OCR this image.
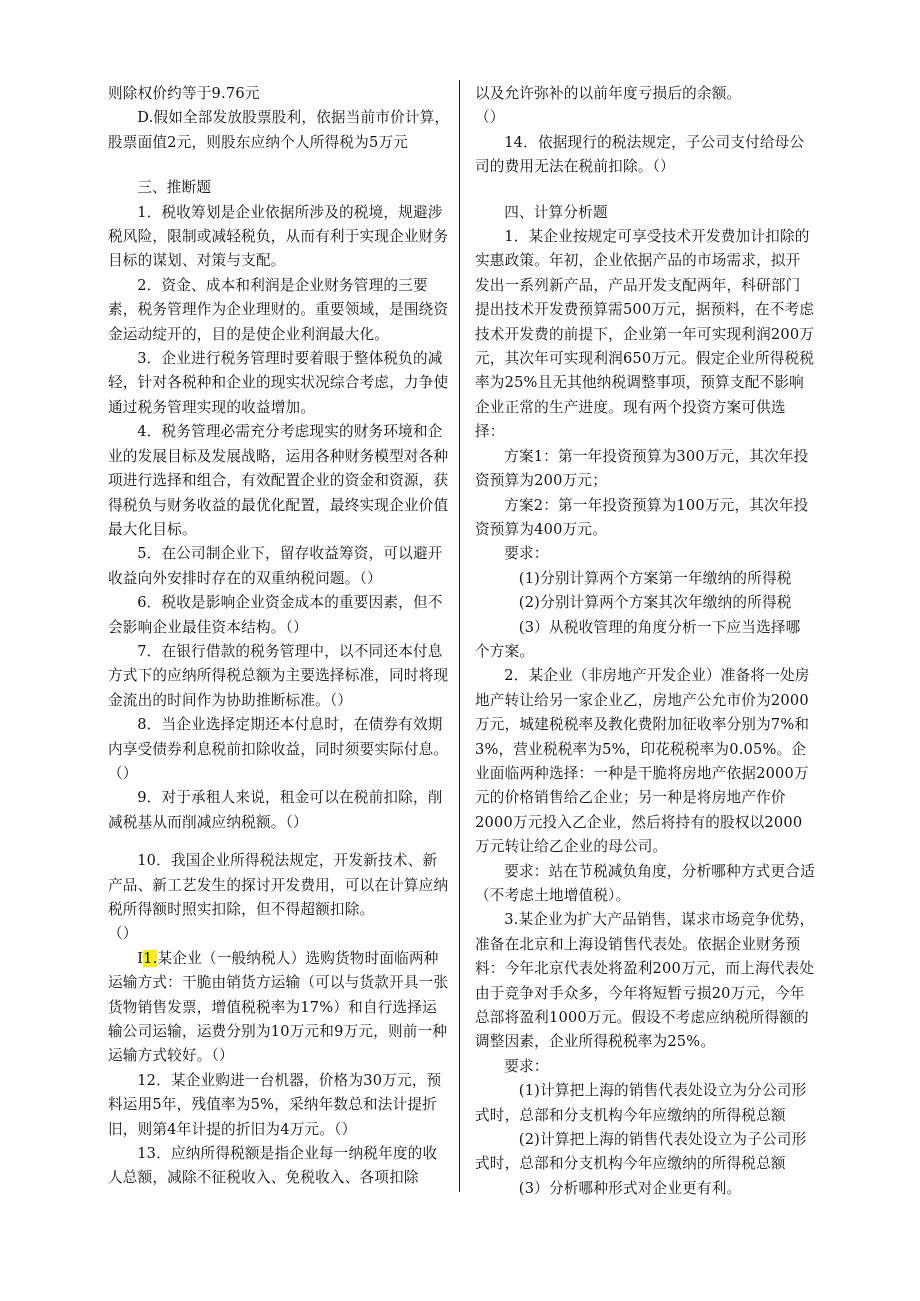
则除权价约等于9.76元

D.假如全部发放股票股利，依据当前市价计算，股票面值2元，则股东应纳个人所得税为5万元

三、推断题

1．税收筹划是企业依据所涉及的税境，规避涉税风险，限制或减轻税负，从而有利于实现企业财务目标的谋划、对策与支配。

2．资金、成本和利润是企业财务管理的三要素，税务管理作为企业理财的。重要领域，是围绕资金运动绽开的，目的是使企业利润最大化。

3．企业进行税务管理时要着眼于整体税负的减轻，针对各税种和企业的现实状况综合考虑，力争使通过税务管理实现的收益增加。

4．税务管理必需充分考虑现实的财务环境和企业的发展目标及发展战略，运用各种财务模型对各种项进行选择和组合，有效配置企业的资金和资源，获得税负与财务收益的最优化配置，最终实现企业价值最大化目标。

5．在公司制企业下，留存收益筹资，可以避开收益向外安排时存在的双重纳税问题。（）

6．税收是影响企业资金成本的重要因素，但不会影响企业最佳资本结构。（）

7．在银行借款的税务管理中，以不同还本付息方式下的应纳所得税总额为主要选择标准，同时将现金流出的时间作为协助推断标准。（）

8．当企业选择定期还本付息时，在债券有效期内享受债券利息税前扣除收益，同时须要实际付息。（）

9．对于承租人来说，租金可以在税前扣除，削减税基从而削减应纳税额。（）

10．我国企业所得税法规定，开发新技术、新产品、新工艺发生的探讨开发费用，可以在计算应纳税所得额时照实扣除，但不得超额扣除。

（）

I1.某企业（一般纳税人）选购货物时面临两种运输方式：干脆由销货方运输（可以与货款开具一张货物销售发票，增值税税率为17%）和自行选择运输公司运输，运费分别为10万元和9万元，则前一种运输方式较好。（）

12．某企业购进一台机器，价格为30万元，预料运用5年，残值率为5%，采纳年数总和法计提折旧，则第4年计提的折旧为4万元。（）

13．应纳所得税额是指企业每一纳税年度的收人总额，减除不征税收入、免税收入、各项扣除

以及允许弥补的以前年度亏损后的余额。

（）

14．依据现行的税法规定，子公司支付给母公司的费用无法在税前扣除。（）

四、计算分析题

1．某企业按规定可享受技术开发费加计扣除的实惠政策。年初，企业依据产品的市场需求，拟开发出一系列新产品，产品开发支配两年，科研部门提出技术开发费预算需500万元，据预料，在不考虑技术开发费的前提下，企业第一年可实现利润200万元，其次年可实现利润650万元。假定企业所得税税率为25%且无其他纳税调整事项，预算支配不影响企业正常的生产进度。现有两个投资方案可供选择：

方案1：第一年投资预算为300万元，其次年投资预算为200万元；

方案2：第一年投资预算为100万元，其次年投资预算为400万元。

要求：

(1)分别计算两个方案第一年缴纳的所得税

(2)分别计算两个方案其次年缴纳的所得税

(3）从税收管理的角度分析一下应当选择哪个方案。

2．某企业（非房地产开发企业）准备将一处房地产转让给另一家企业乙，房地产公允市价为2000万元，城建税税率及教化费附加征收率分别为7%和3%，营业税税率为5%，印花税税率为0.05%。企业面临两种选择：一种是干脆将房地产依据2000万元的价格销售给乙企业；另一种是将房地产作价2000万元投入乙企业，然后将持有的股权以2000万元转让给乙企业的母公司。

要求：站在节税减负角度，分析哪种方式更合适（不考虑土地增值税）。

3.某企业为扩大产品销售，谋求市场竞争优势，准备在北京和上海设销售代表处。依据企业财务预料：今年北京代表处将盈利200万元，而上海代表处由于竞争对手众多，今年将短暂亏损20万元，今年总部将盈利1000万元。假设不考虑应纳税所得额的调整因素，企业所得税税率为25%。

要求：

(1)计算把上海的销售代表处设立为分公司形式时，总部和分支机构今年应缴纳的所得税总额

(2)计算把上海的销售代表处设立为子公司形式时，总部和分支机构今年应缴纳的所得税总额

(3）分析哪种形式对企业更有利。
